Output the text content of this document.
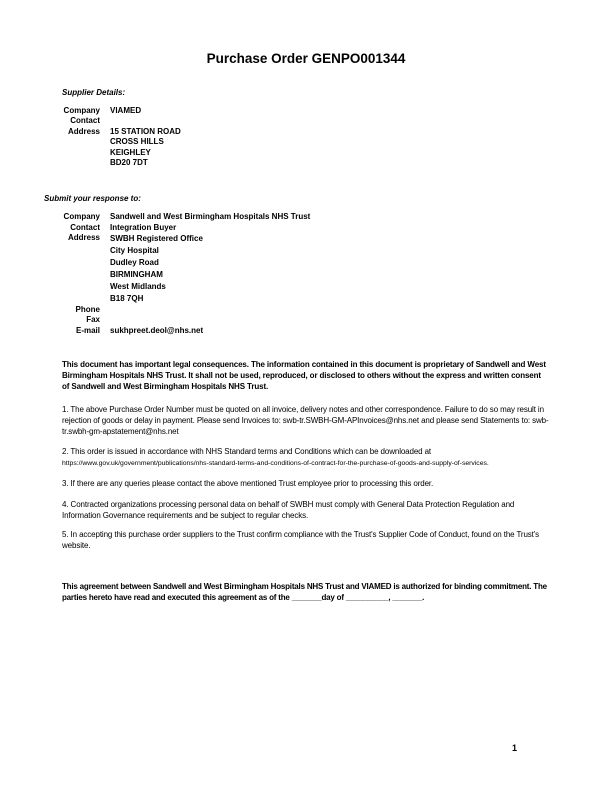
Purchase Order GENPO001344
Supplier Details:
Company VIAMED
Contact
Address 15 STATION ROAD
CROSS HILLS
KEIGHLEY
BD20 7DT
Submit your response to:
Company Sandwell and West Birmingham Hospitals NHS Trust
Contact Integration Buyer
Address SWBH Registered Office
City Hospital
Dudley Road
BIRMINGHAM
West Midlands
B18 7QH
Phone
Fax
E-mail sukhpreet.deol@nhs.net

This document has important legal consequences. The information contained in this document is proprietary of Sandwell and West Birmingham Hospitals NHS Trust. It shall not be used, reproduced, or disclosed to others without the express and written consent of Sandwell and West Birmingham Hospitals NHS Trust.

1. The above Purchase Order Number must be quoted on all invoice, delivery notes and other correspondence. Failure to do so may result in rejection of goods or delay in payment. Please send Invoices to: swb-tr.SWBH-GM-APInvoices@nhs.net and please send Statements to: swb-tr.swbh-gm-apstatement@nhs.net

2. This order is issued in accordance with NHS Standard terms and Conditions which can be downloaded at https://www.gov.uk/government/publications/nhs-standard-terms-and-conditions-of-contract-for-the-purchase-of-goods-and-supply-of-services.

3. If there are any queries please contact the above mentioned Trust employee prior to processing this order.

4. Contracted organizations processing personal data on behalf of SWBH must comply with General Data Protection Regulation and Information Governance requirements and be subject to regular checks.

5. In accepting this purchase order suppliers to the Trust confirm compliance with the Trust's Supplier Code of Conduct, found on the Trust's website.

This agreement between Sandwell and West Birmingham Hospitals NHS Trust and VIAMED is authorized for binding commitment. The parties hereto have read and executed this agreement as of the _______day of __________, _______.

1
